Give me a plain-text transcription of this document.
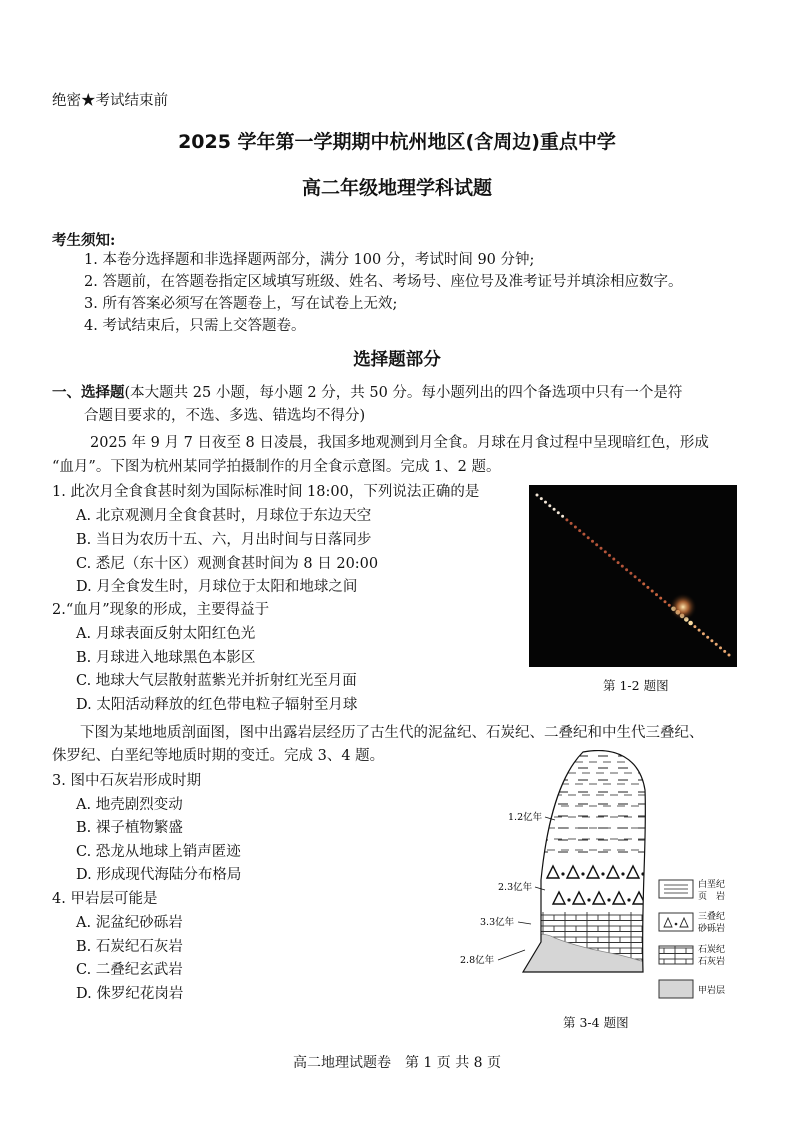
绝密★考试结束前
2025 学年第一学期期中杭州地区(含周边)重点中学
高二年级地理学科试题
考生须知:
1. 本卷分选择题和非选择题两部分，满分 100 分，考试时间 90 分钟;
2. 答题前，在答题卷指定区域填写班级、姓名、考场号、座位号及准考证号并填涂相应数字。
3. 所有答案必须写在答题卷上，写在试卷上无效;
4. 考试结束后，只需上交答题卷。
选择题部分
一、选择题(本大题共 25 小题，每小题 2 分，共 50 分。每小题列出的四个备选项中只有一个是符
合题目要求的，不选、多选、错选均不得分)
2025 年 9 月 7 日夜至 8 日凌晨，我国多地观测到月全食。月球在月食过程中呈现暗红色，形成
“血月”。下图为杭州某同学拍摄制作的月全食示意图。完成 1、2 题。
1. 此次月全食食甚时刻为国际标准时间 18:00，下列说法正确的是
A. 北京观测月全食食甚时，月球位于东边天空
B. 当日为农历十五、六，月出时间与日落同步
C. 悉尼（东十区）观测食甚时间为 8 日 20:00
D. 月全食发生时，月球位于太阳和地球之间
2.“血月”现象的形成，主要得益于
A. 月球表面反射太阳红色光
B. 月球进入地球黑色本影区
C. 地球大气层散射蓝紫光并折射红光至月面
D. 太阳活动释放的红色带电粒子辐射至月球
第 1-2 题图
下图为某地地质剖面图，图中出露岩层经历了古生代的泥盆纪、石炭纪、二叠纪和中生代三叠纪、
侏罗纪、白垩纪等地质时期的变迁。完成 3、4 题。
3. 图中石灰岩形成时期
A. 地壳剧烈变动
B. 裸子植物繁盛
C. 恐龙从地球上销声匿迹
D. 形成现代海陆分布格局
4. 甲岩层可能是
A. 泥盆纪砂砾岩
B. 石炭纪石灰岩
C. 二叠纪玄武岩
D. 侏罗纪花岗岩
1.2亿年
2.3亿年
3.3亿年
2.8亿年
白垩纪
页　岩
三叠纪
砂砾岩
石炭纪
石灰岩
甲岩层
第 3-4 题图
高二地理试题卷　第 1 页 共 8 页
